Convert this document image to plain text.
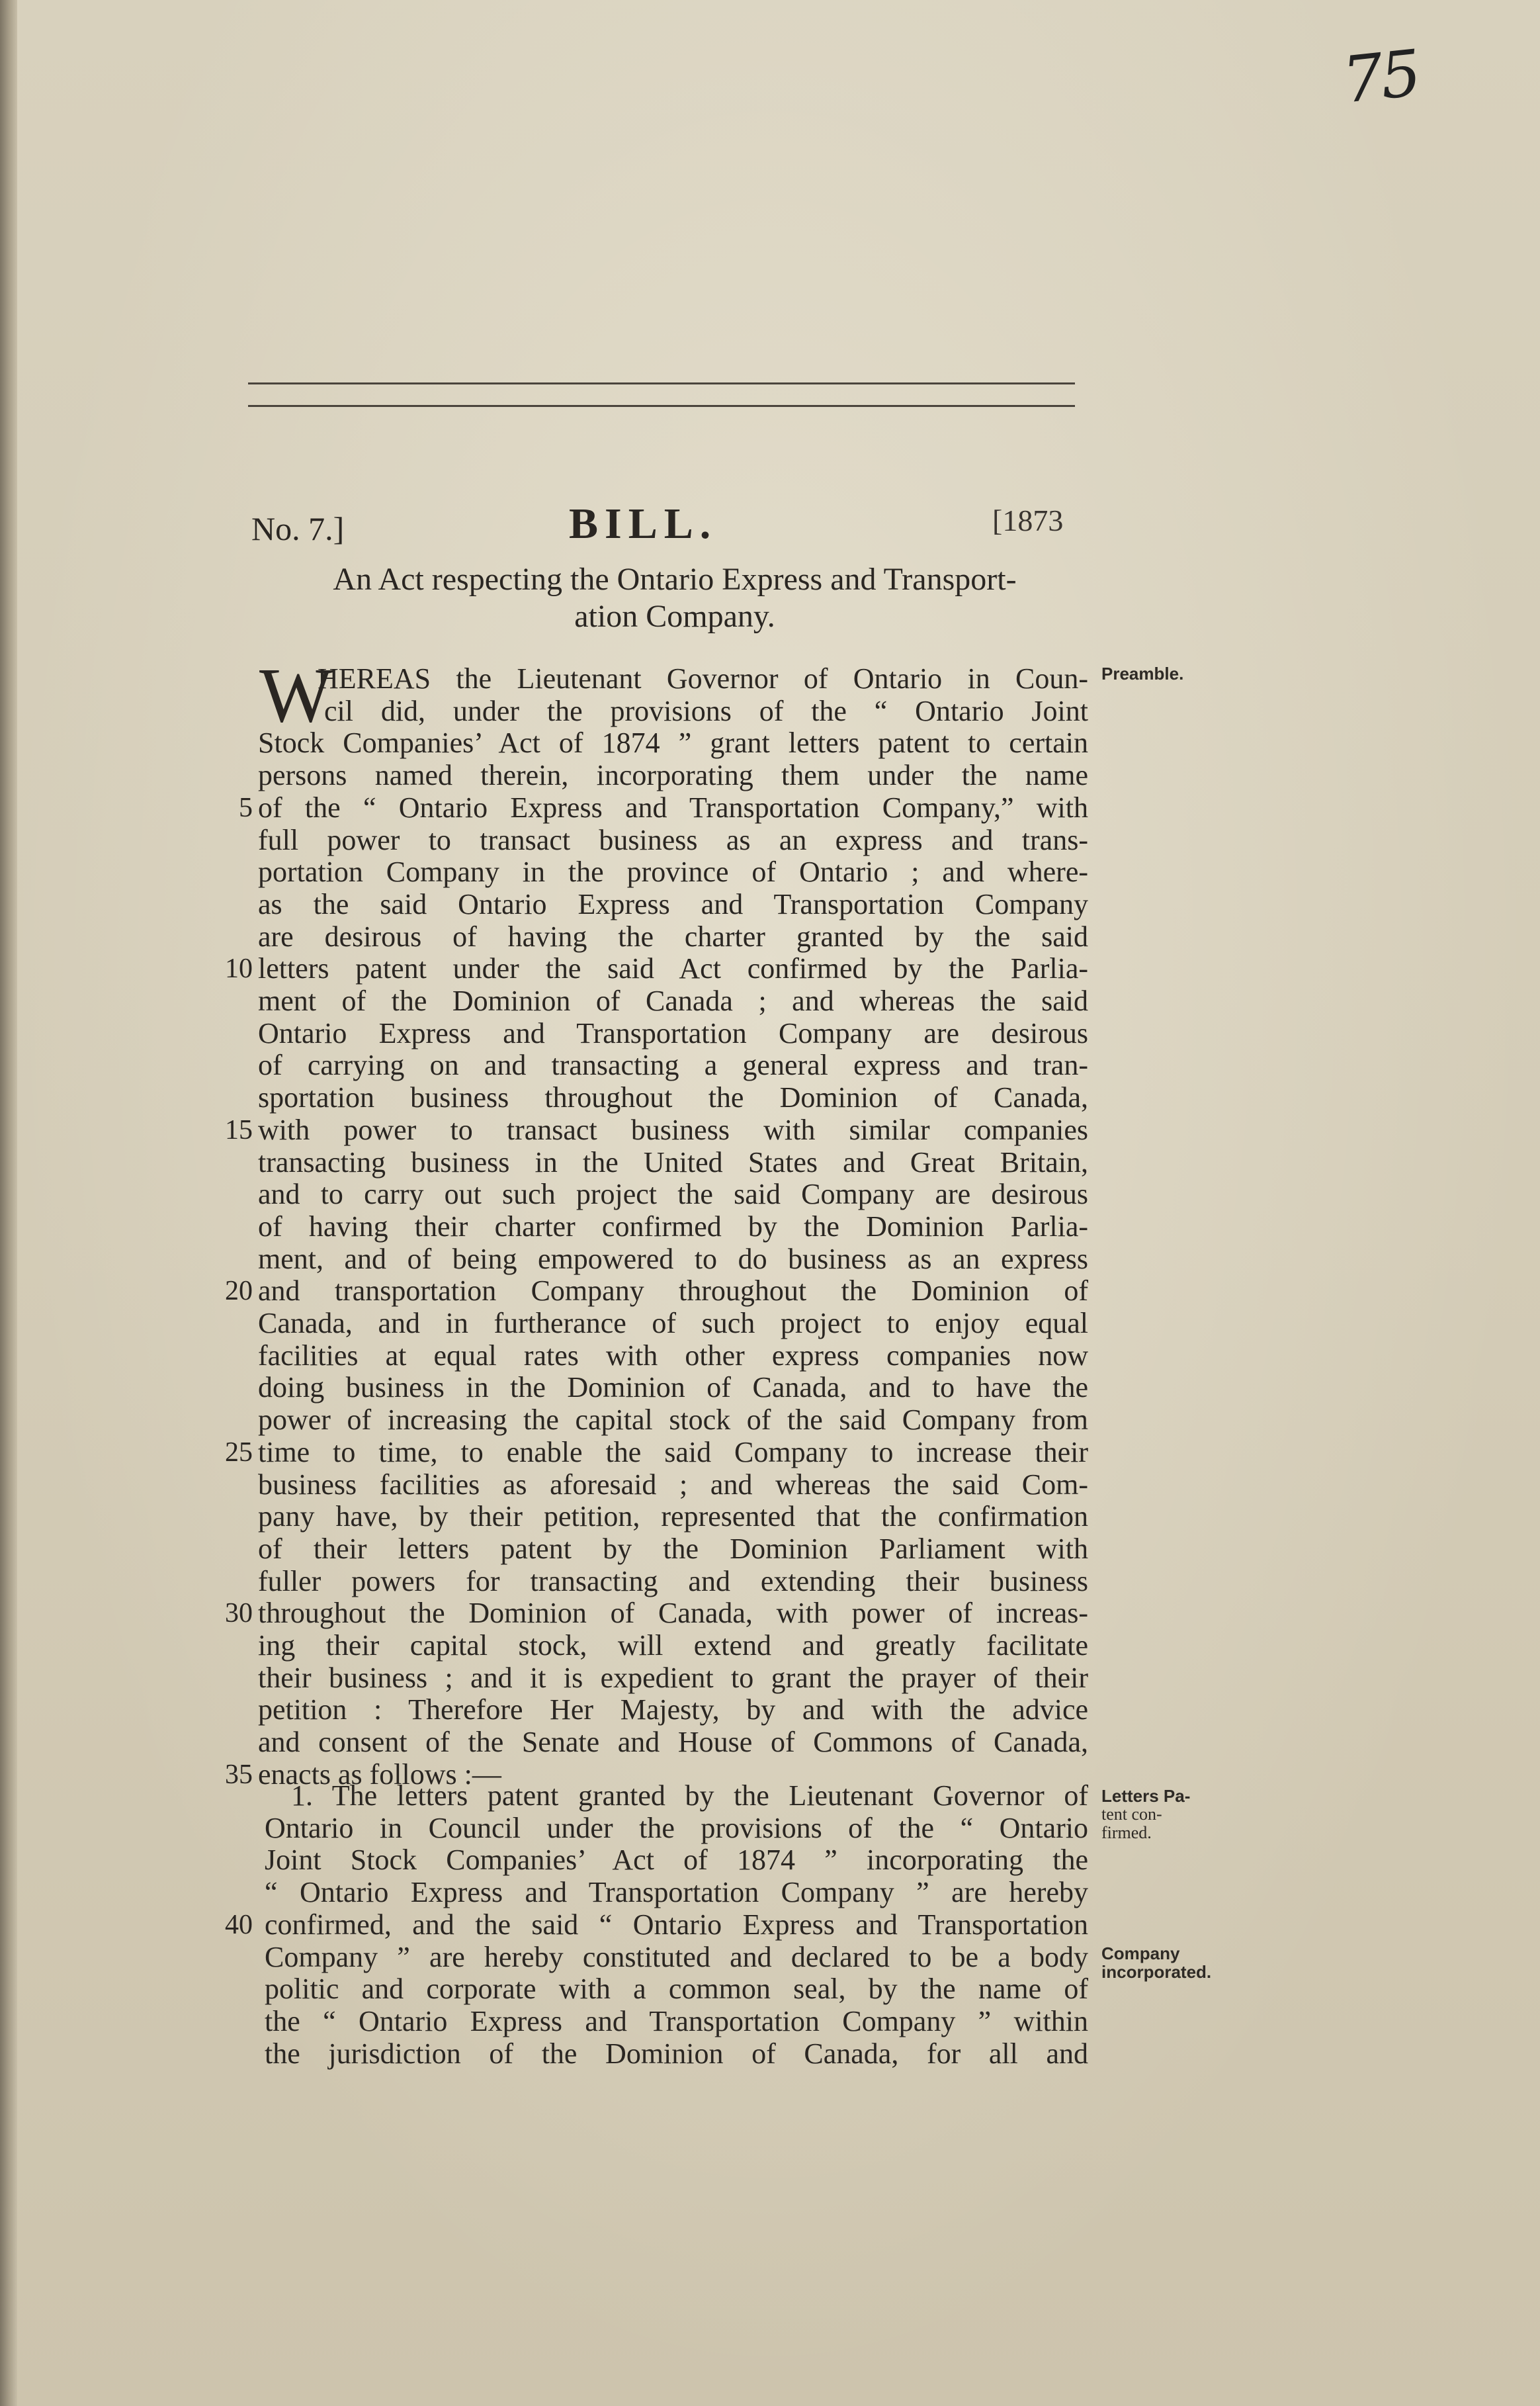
75
No. 7.]	BILL.	[1873
An Act respecting the Ontario Express and Transport-
ation Company.
W
HEREAS the Lieutenant Governor of Ontario in Coun-
cil did, under the provisions of the “ Ontario Joint
Stock Companies’ Act of 1874 ” grant letters patent to certain
persons named therein, incorporating them under the name
of the “ Ontario Express and Transportation Company,” with
5
full power to transact business as an express and trans-
portation Company in the province of Ontario ; and where-
as the said Ontario Express and Transportation Company
are desirous of having the charter granted by the said
letters patent under the said Act confirmed by the Parlia-
10
ment of the Dominion of Canada ; and whereas the said
Ontario Express and Transportation Company are desirous
of carrying on and transacting a general express and tran-
sportation business throughout the Dominion of Canada,
with power to transact business with similar companies
15
transacting business in the United States and Great Britain,
and to carry out such project the said Company are desirous
of having their charter confirmed by the Dominion Parlia-
ment, and of being empowered to do business as an express
and transportation Company throughout the Dominion of
20
Canada, and in furtherance of such project to enjoy equal
facilities at equal rates with other express companies now
doing business in the Dominion of Canada, and to have the
power of increasing the capital stock of the said Company from
time to time, to enable the said Company to increase their
25
business facilities as aforesaid ; and whereas the said Com-
pany have, by their petition, represented that the confirmation
of their letters patent by the Dominion Parliament with
fuller powers for transacting and extending their business
throughout the Dominion of Canada, with power of increas-
30
ing their capital stock, will extend and greatly facilitate
their business ; and it is expedient to grant the prayer of their
petition : Therefore Her Majesty, by and with the advice
and consent of the Senate and House of Commons of Canada,
enacts as follows :—
35
1. The letters patent granted by the Lieutenant Governor of
Ontario in Council under the provisions of the “ Ontario
Joint Stock Companies’ Act of 1874 ” incorporating the
“ Ontario Express and Transportation Company ” are hereby
confirmed, and the said “ Ontario Express and Transportation
40
Company ” are hereby constituted and declared to be a body
politic and corporate with a common seal, by the name of
the “ Ontario Express and Transportation Company ” within
the jurisdiction of the Dominion of Canada, for all and
Preamble.
Letters Pa-
tent con-
firmed.
Company
incorporated.
